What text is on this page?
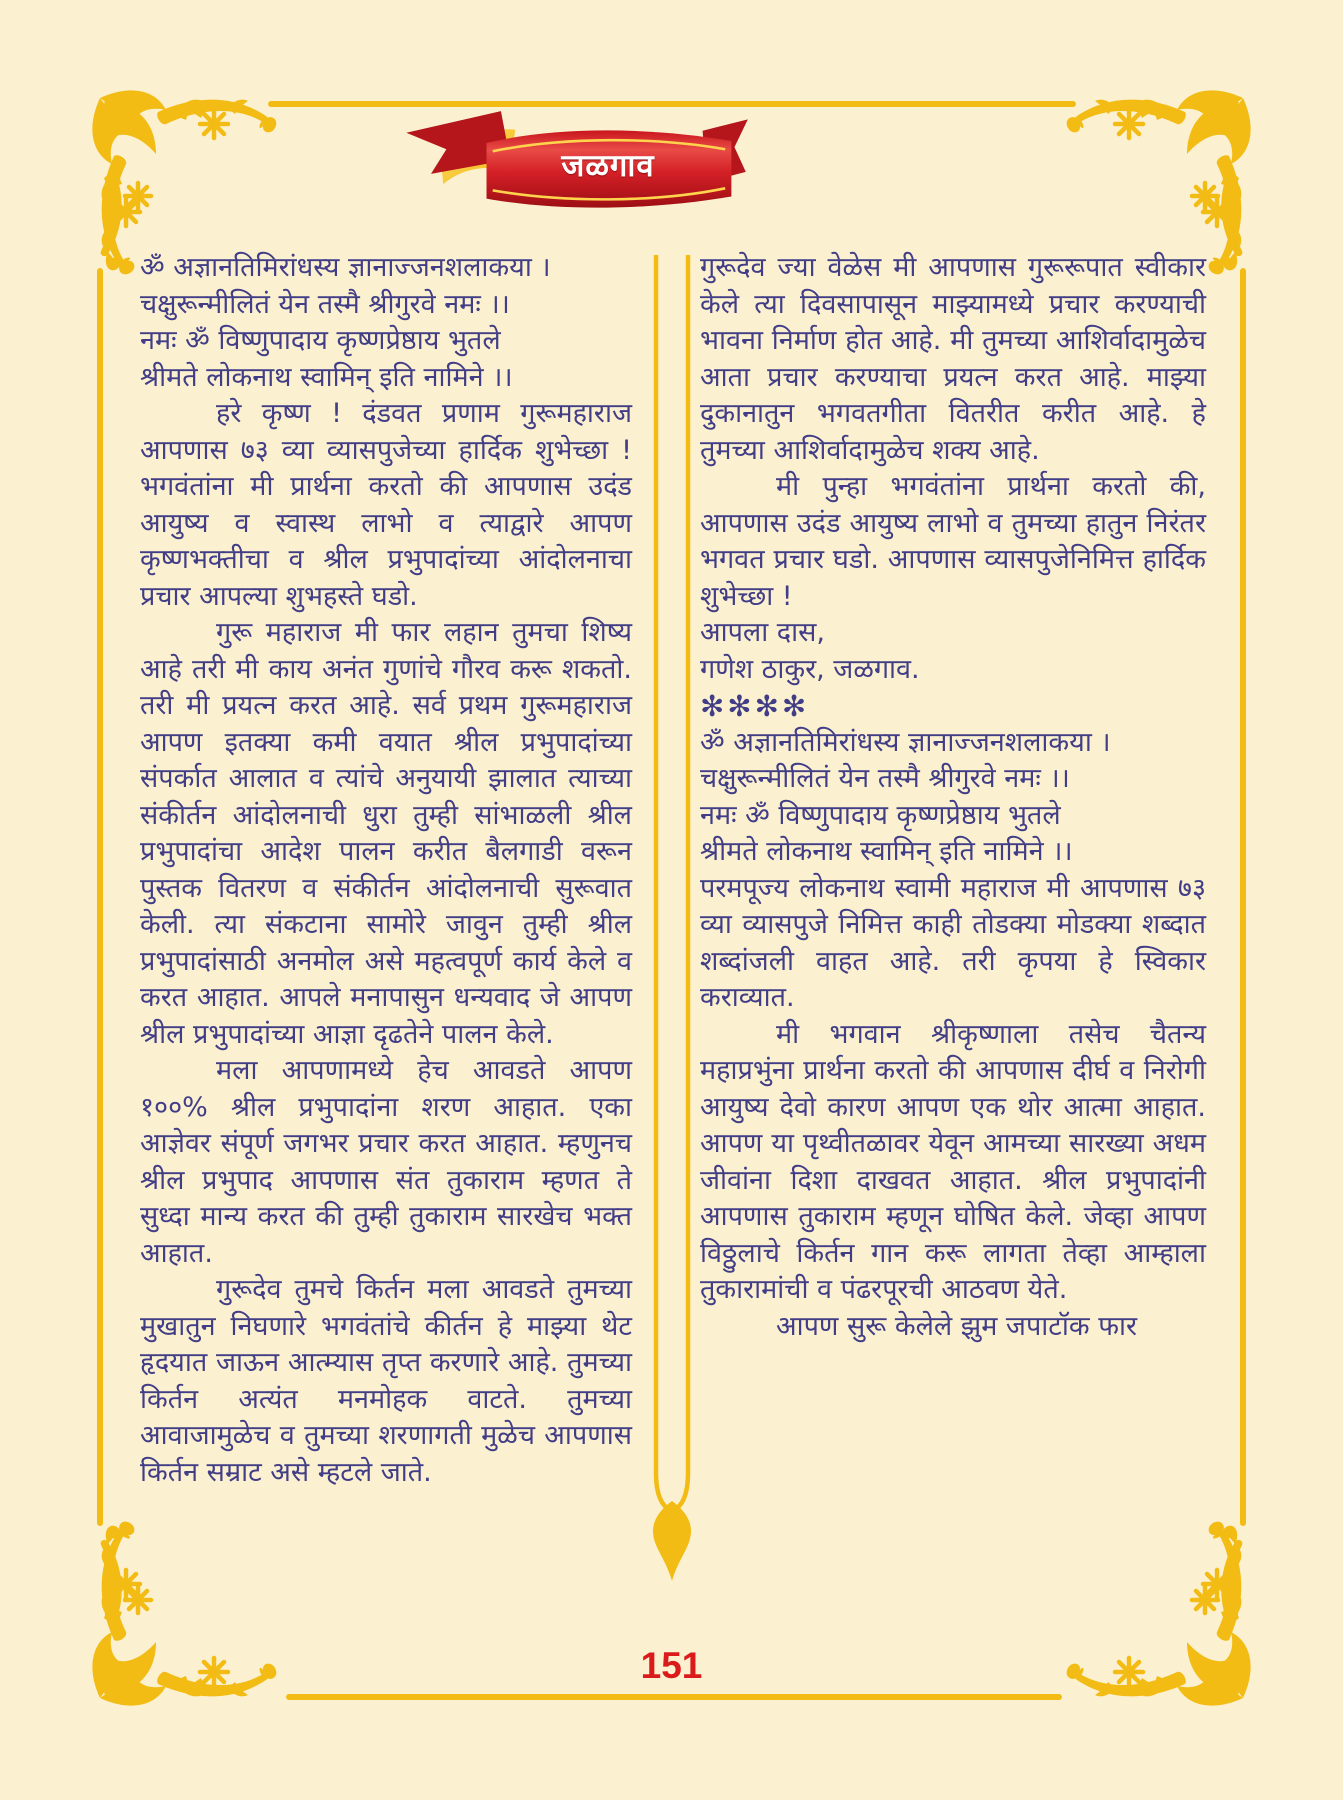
जळगाव

ॐ अज्ञानतिमिरांधस्य ज्ञानाज्जनशलाकया ।
चक्षुरून्मीलितं येन तस्मै श्रीगुरवे नमः ।।

नमः ॐ विष्णुपादाय कृष्णप्रेष्ठाय भुतले
श्रीमते लोकनाथ स्वामिन् इति नामिने ।।

हरे कृष्ण ! दंडवत प्रणाम गुरूमहाराज आपणास ७३ व्या व्यासपुजेच्या हार्दिक शुभेच्छा ! भगवंतांना मी प्रार्थना करतो की आपणास उदंड आयुष्य व स्वास्थ लाभो व त्याद्वारे आपण कृष्णभक्तीचा व श्रील प्रभुपादांच्या आंदोलनाचा प्रचार आपल्या शुभहस्ते घडो.

गुरू महाराज मी फार लहान तुमचा शिष्य आहे तरी मी काय अनंत गुणांचे गौरव करू शकतो. तरी मी प्रयत्न करत आहे. सर्व प्रथम गुरूमहाराज आपण इतक्या कमी वयात श्रील प्रभुपादांच्या संपर्कात आलात व त्यांचे अनुयायी झालात त्याच्या संकीर्तन आंदोलनाची धुरा तुम्ही सांभाळली श्रील प्रभुपादांचा आदेश पालन करीत बैलगाडी वरून पुस्तक वितरण व संकीर्तन आंदोलनाची सुरूवात केली. त्या संकटाना सामोरे जावुन तुम्ही श्रील प्रभुपादांसाठी अनमोल असे महत्वपूर्ण कार्य केले व करत आहात. आपले मनापासुन धन्यवाद जे आपण श्रील प्रभुपादांच्या आज्ञा दृढतेने पालन केले.

मला आपणामध्ये हेच आवडते आपण १००% श्रील प्रभुपादांना शरण आहात. एका आज्ञेवर संपूर्ण जगभर प्रचार करत आहात. म्हणुनच श्रील प्रभुपाद आपणास संत तुकाराम म्हणत ते सुध्दा मान्य करत की तुम्ही तुकाराम सारखेच भक्त आहात.

गुरूदेव तुमचे किर्तन मला आवडते तुमच्या मुखातुन निघणारे भगवंतांचे कीर्तन हे माझ्या थेट हृदयात जाऊन आत्म्यास तृप्त करणारे आहे. तुमच्या किर्तन अत्यंत मनमोहक वाटते. तुमच्या आवाजामुळेच व तुमच्या शरणागती मुळेच आपणास किर्तन सम्राट असे म्हटले जाते.

गुरूदेव ज्या वेळेस मी आपणास गुरूरूपात स्वीकार केले त्या दिवसापासून माझ्यामध्ये प्रचार करण्याची भावना निर्माण होत आहे. मी तुमच्या आशिर्वादामुळेच आता प्रचार करण्याचा प्रयत्न करत आहे. माझ्या दुकानातुन भगवतगीता वितरीत करीत आहे. हे तुमच्या आशिर्वादामुळेच शक्य आहे.

मी पुन्हा भगवंतांना प्रार्थना करतो की, आपणास उदंड आयुष्य लाभो व तुमच्या हातुन निरंतर भगवत प्रचार घडो. आपणास व्यासपुजेनिमित्त हार्दिक शुभेच्छा !

आपला दास,
गणेश ठाकुर, जळगाव.

✻✻✻✻

ॐ अज्ञानतिमिरांधस्य ज्ञानाज्जनशलाकया ।
चक्षुरून्मीलितं येन तस्मै श्रीगुरवे नमः ।।

नमः ॐ विष्णुपादाय कृष्णप्रेष्ठाय भुतले
श्रीमते लोकनाथ स्वामिन् इति नामिने ।।

परमपूज्य लोकनाथ स्वामी महाराज मी आपणास ७३ व्या व्यासपुजे निमित्त काही तोडक्या मोडक्या शब्दात शब्दांजली वाहत आहे. तरी कृपया हे स्विकार कराव्यात.

मी भगवान श्रीकृष्णाला तसेच चैतन्य महाप्रभुंना प्रार्थना करतो की आपणास दीर्घ व निरोगी आयुष्य देवो कारण आपण एक थोर आत्मा आहात. आपण या पृथ्वीतळावर येवून आमच्या सारख्या अधम जीवांना दिशा दाखवत आहात. श्रील प्रभुपादांनी आपणास तुकाराम म्हणून घोषित केले. जेव्हा आपण विठ्ठुलाचे किर्तन गान करू लागता तेव्हा आम्हाला तुकारामांची व पंढरपूरची आठवण येते.

आपण सुरू केलेले झुम जपाटॉक फार

151
